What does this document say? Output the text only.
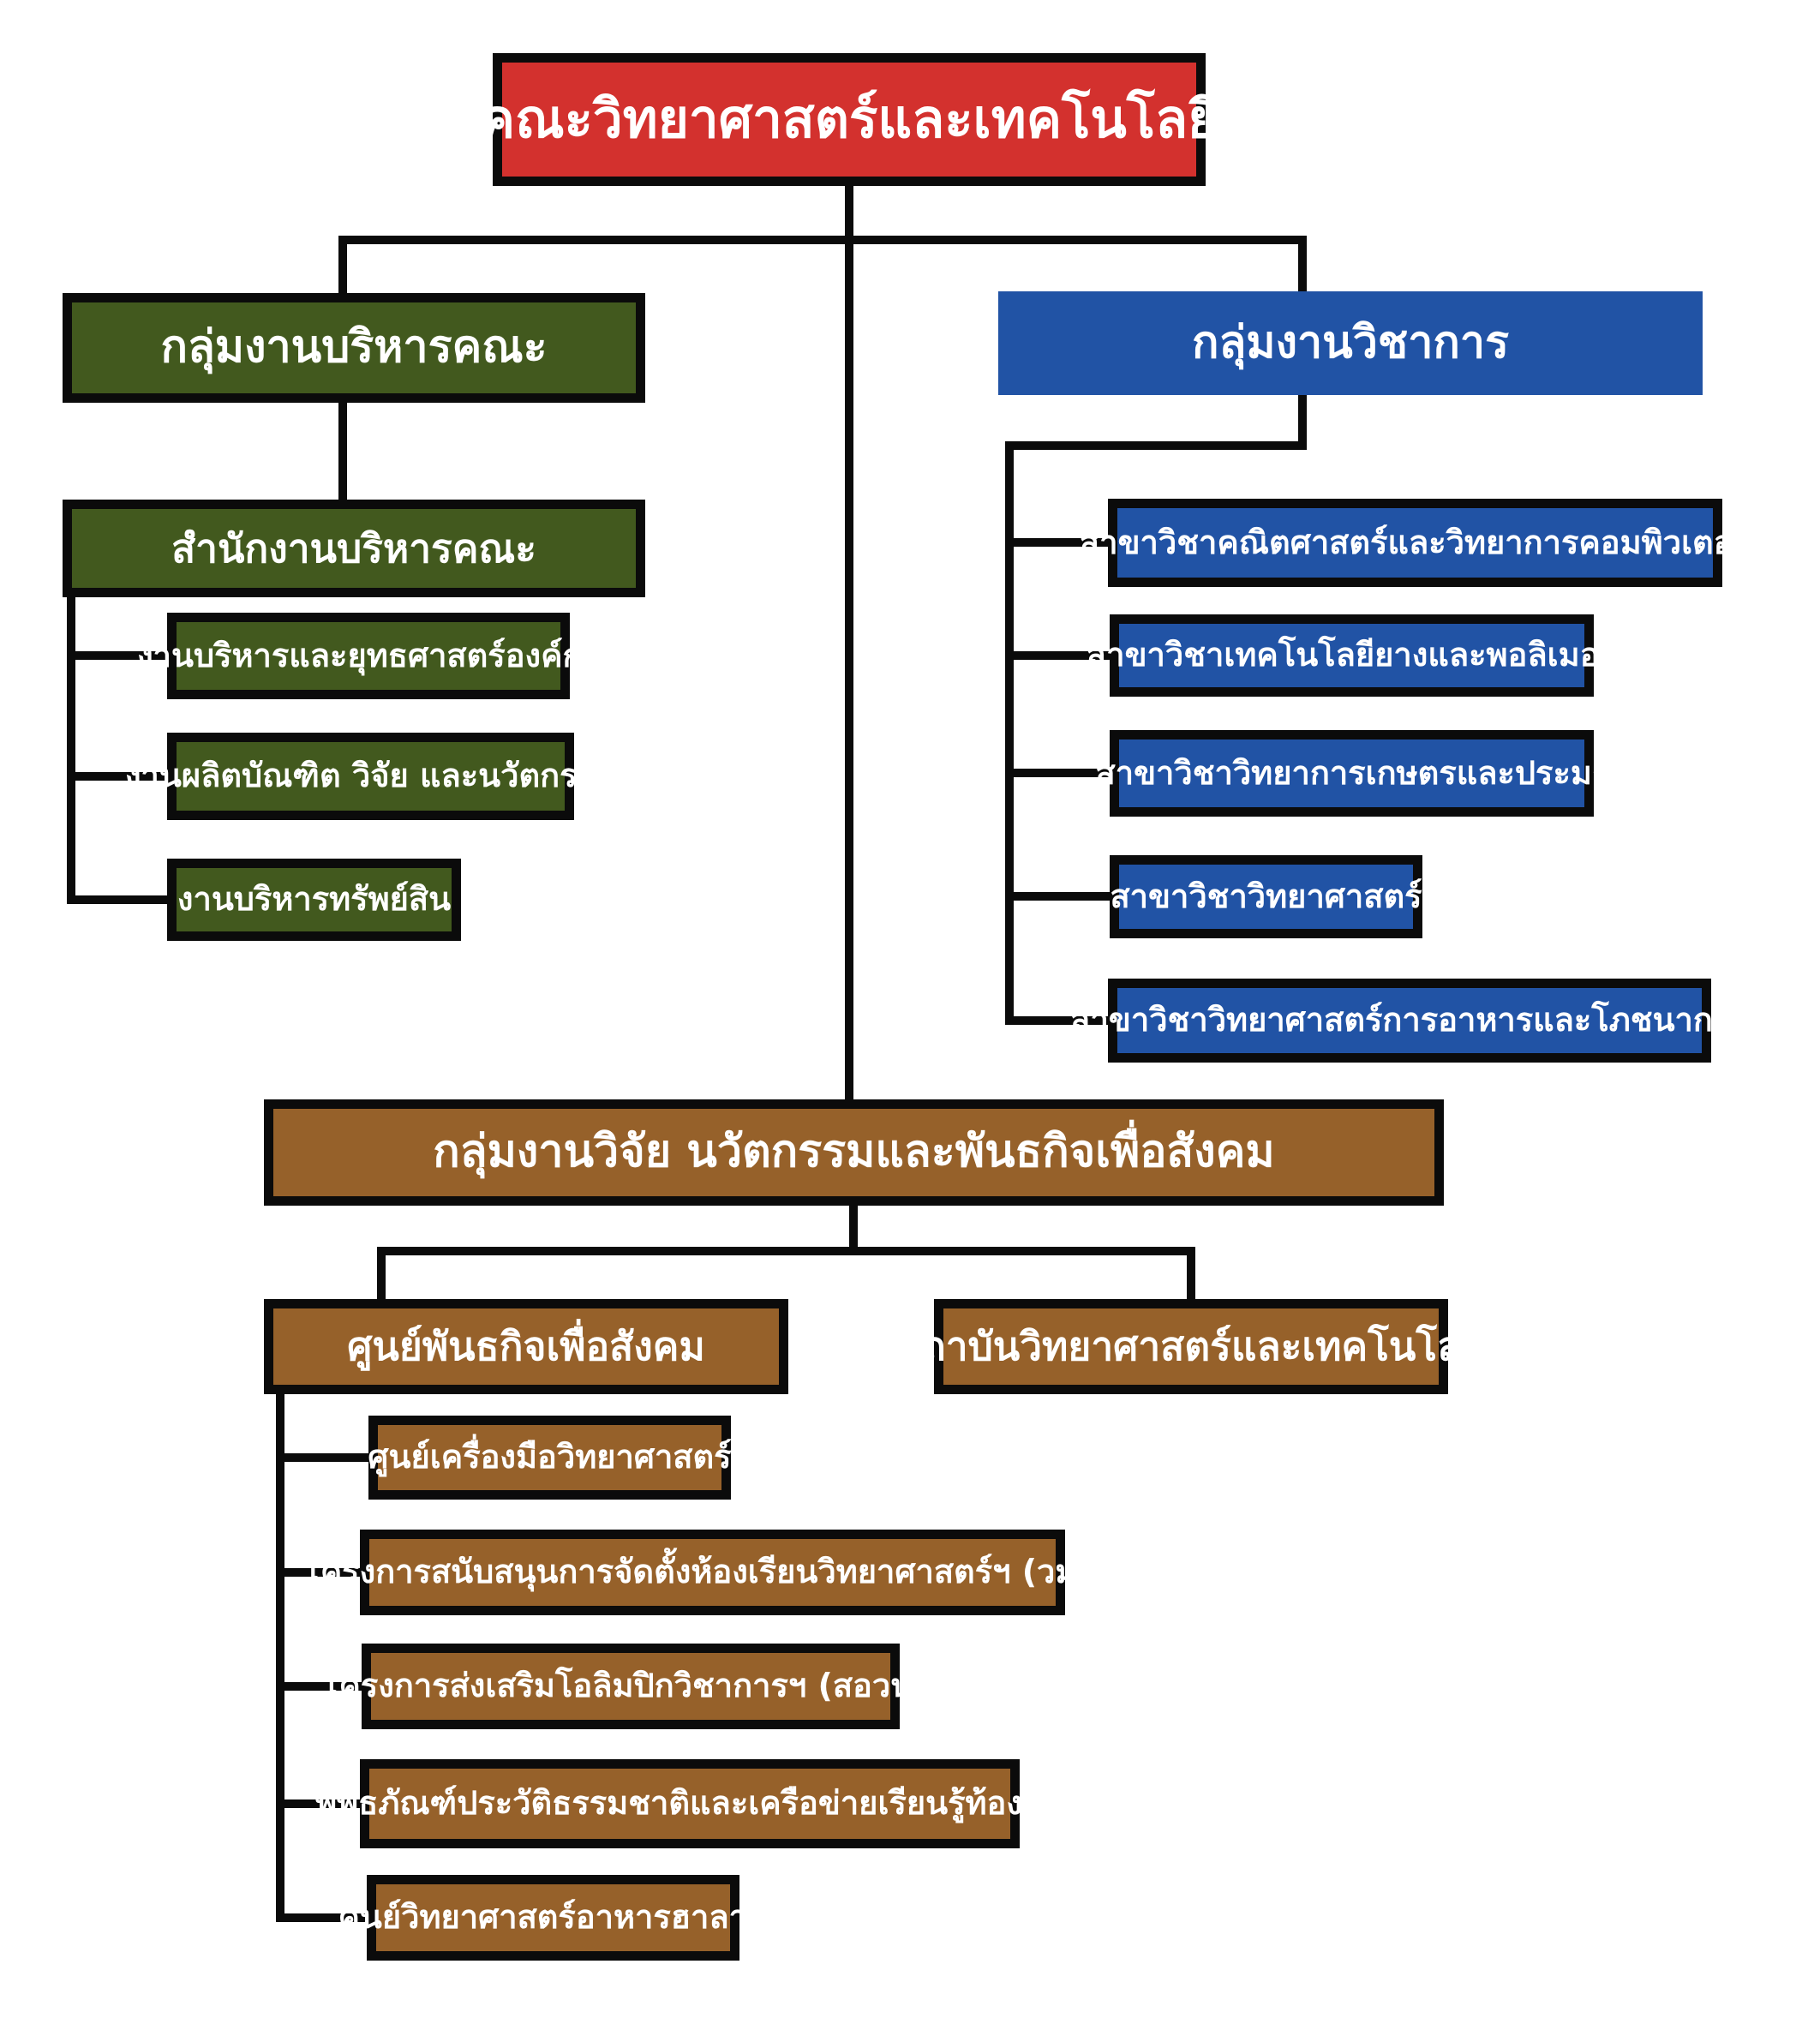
คณะวิทยาศาสตร์และเทคโนโลยี
กลุ่มงานบริหารคณะ
สำนักงานบริหารคณะ
งานบริหารและยุทธศาสตร์องค์กร
งานผลิตบัณฑิต วิจัย และนวัตกรรม
งานบริหารทรัพย์สิน
กลุ่มงานวิชาการ
สาขาวิชาคณิตศาสตร์และวิทยาการคอมพิวเตอร์
สาขาวิชาเทคโนโลยียางและพอลิเมอร์
สาขาวิชาวิทยาการเกษตรและประมง
สาขาวิชาวิทยาศาสตร์
สาขาวิชาวิทยาศาสตร์การอาหารและโภชนาการ
กลุ่มงานวิจัย นวัตกรรมและพันธกิจเพื่อสังคม
ศูนย์พันธกิจเพื่อสังคม	สถาบันวิทยาศาสตร์และเทคโนโลยี
ศูนย์เครื่องมือวิทยาศาสตร์
โครงการสนับสนุนการจัดตั้งห้องเรียนวิทยาศาสตร์ฯ (วมว.)
โครงการส่งเสริมโอลิมปิกวิชาการฯ (สอวน.)
พิพิธภัณฑ์ประวัติธรรมชาติและเครือข่ายเรียนรู้ท้องถิ่น
ศูนย์วิทยาศาสตร์อาหารฮาลาล
